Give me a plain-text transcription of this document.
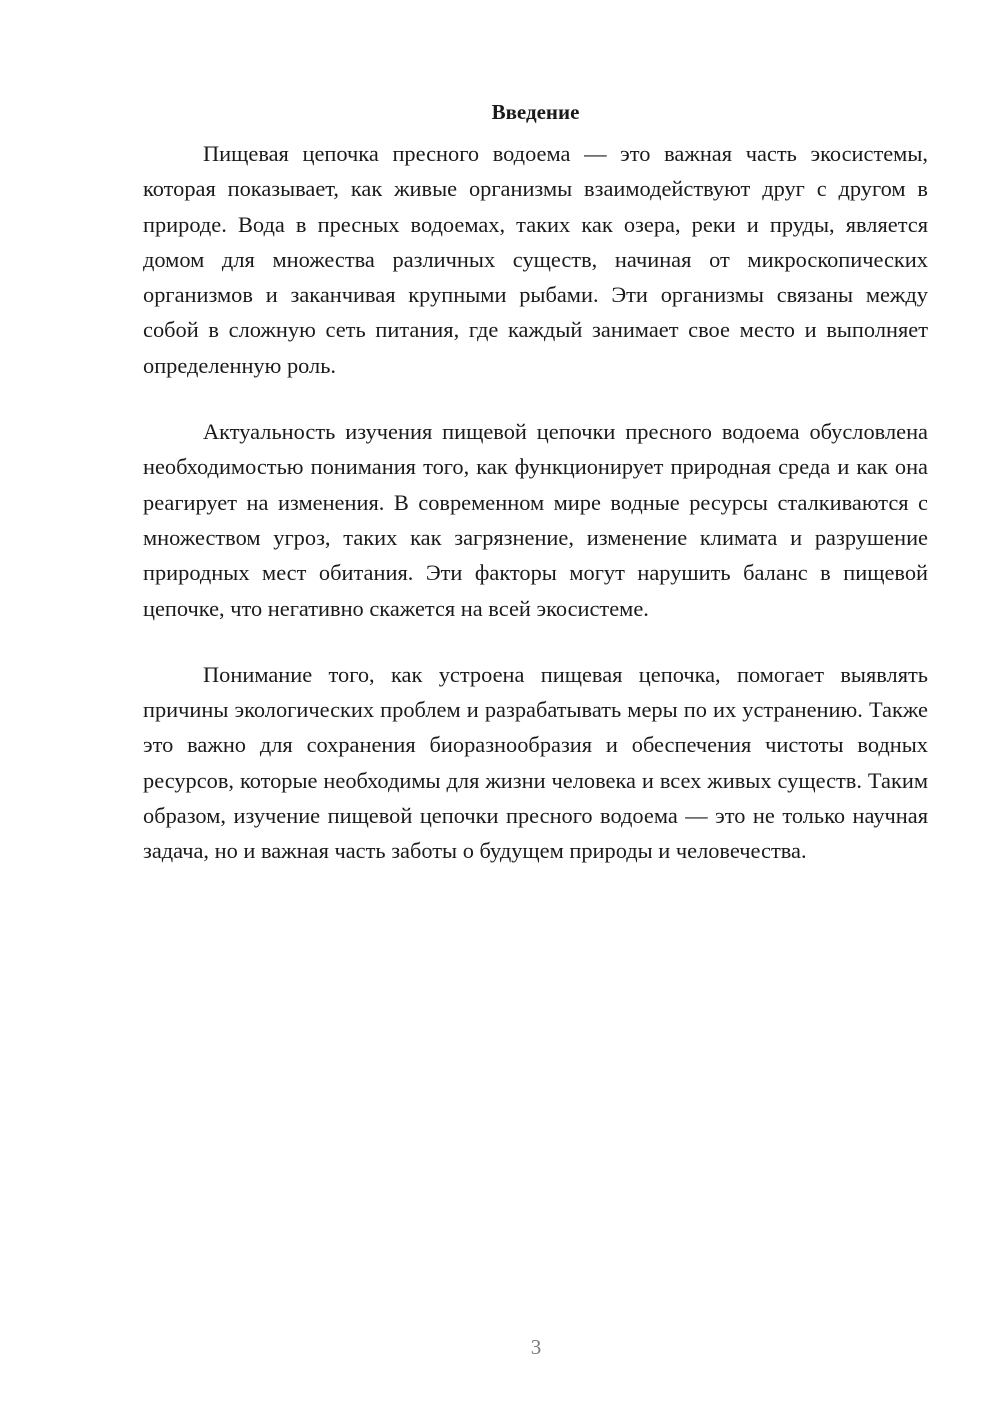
Введение

Пищевая цепочка пресного водоема — это важная часть экосистемы, которая показывает, как живые организмы взаимодействуют друг с другом в природе. Вода в пресных водоемах, таких как озера, реки и пруды, является домом для множества различных существ, начиная от микроскопических организмов и заканчивая крупными рыбами. Эти организмы связаны между собой в сложную сеть питания, где каждый занимает свое место и выполняет определенную роль.

Актуальность изучения пищевой цепочки пресного водоема обусловлена необходимостью понимания того, как функционирует природная среда и как она реагирует на изменения. В современном мире водные ресурсы сталкиваются с множеством угроз, таких как загрязнение, изменение климата и разрушение природных мест обитания. Эти факторы могут нарушить баланс в пищевой цепочке, что негативно скажется на всей экосистеме.

Понимание того, как устроена пищевая цепочка, помогает выявлять причины экологических проблем и разрабатывать меры по их устранению. Также это важно для сохранения биоразнообразия и обеспечения чистоты водных ресурсов, которые необходимы для жизни человека и всех живых существ. Таким образом, изучение пищевой цепочки пресного водоема — это не только научная задача, но и важная часть заботы о будущем природы и человечества.

3
